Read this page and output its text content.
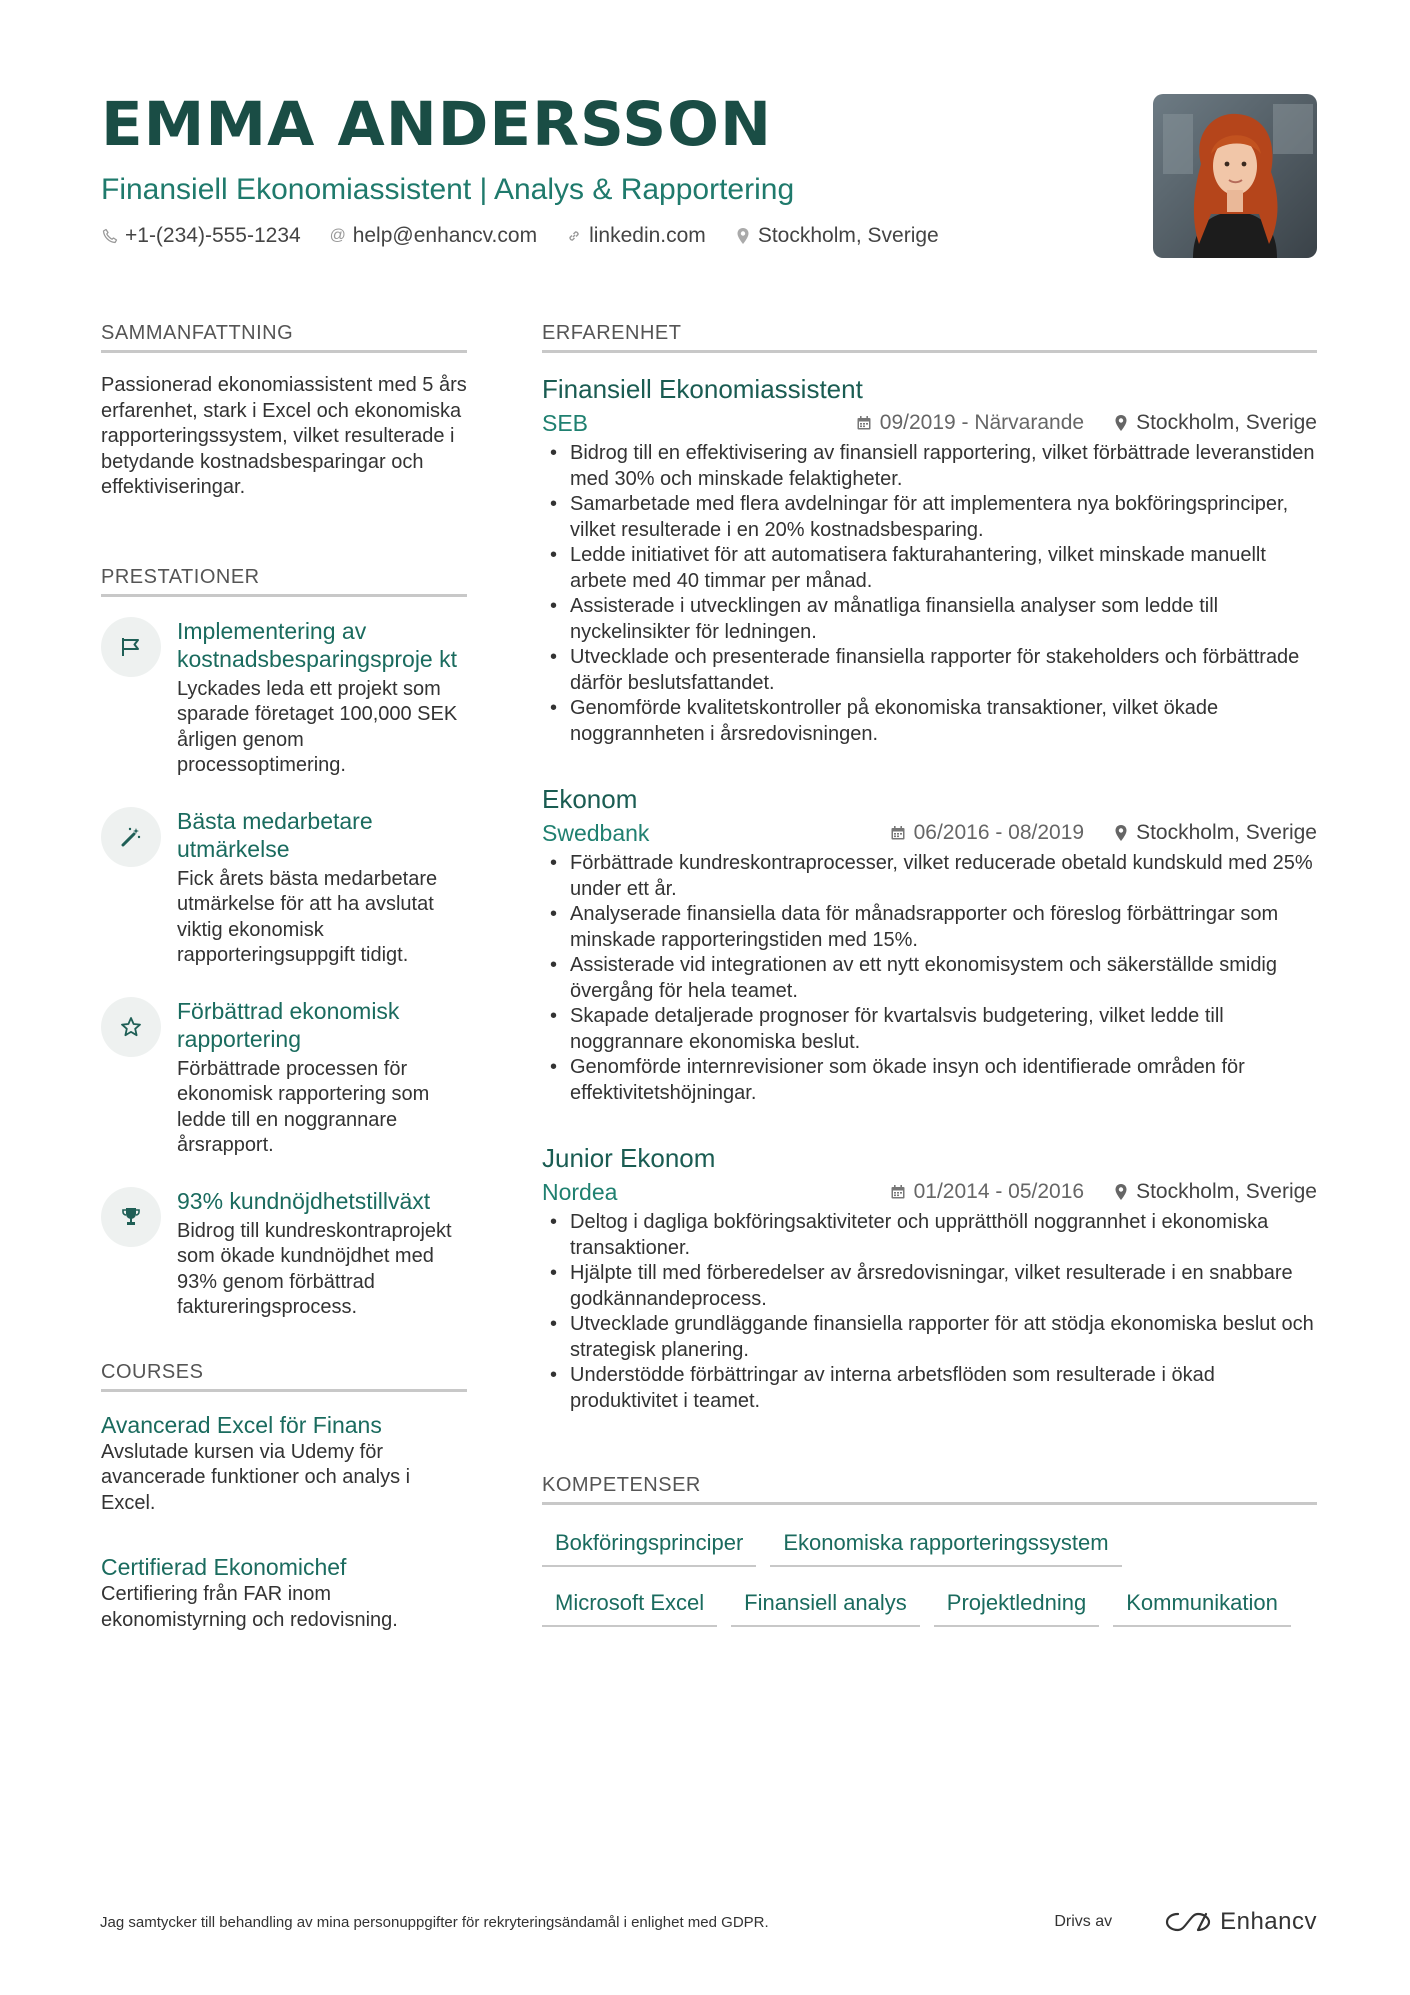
EMMA ANDERSSON
Finansiell Ekonomiassistent | Analys & Rapportering
+1-(234)-555-1234 @ help@enhancv.com linkedin.com Stockholm, Sverige
SAMMANFATTNING
Passionerad ekonomiassistent med 5 års erfarenhet, stark i Excel och ekonomiska rapporteringssystem, vilket resulterade i betydande kostnadsbesparingar och effektiviseringar.
PRESTATIONER
Implementering av kostnadsbesparingsproje kt
Lyckades leda ett projekt som sparade företaget 100,000 SEK årligen genom processoptimering.
Bästa medarbetare utmärkelse
Fick årets bästa medarbetare utmärkelse för att ha avslutat viktig ekonomisk rapporteringsuppgift tidigt.
Förbättrad ekonomisk rapportering
Förbättrade processen för ekonomisk rapportering som ledde till en noggrannare årsrapport.
93% kundnöjdhetstillväxt
Bidrog till kundreskontraprojekt som ökade kundnöjdhet med 93% genom förbättrad faktureringsprocess.
COURSES
Avancerad Excel för Finans
Avslutade kursen via Udemy för avancerade funktioner och analys i Excel.
Certifierad Ekonomichef
Certifiering från FAR inom ekonomistyrning och redovisning.
ERFARENHET
Finansiell Ekonomiassistent
SEB	09/2019 - Närvarande Stockholm, Sverige
• Bidrog till en effektivisering av finansiell rapportering, vilket förbättrade leveranstiden med 30% och minskade felaktigheter.
• Samarbetade med flera avdelningar för att implementera nya bokföringsprinciper, vilket resulterade i en 20% kostnadsbesparing.
• Ledde initiativet för att automatisera fakturahantering, vilket minskade manuellt arbete med 40 timmar per månad.
• Assisterade i utvecklingen av månatliga finansiella analyser som ledde till nyckelinsikter för ledningen.
• Utvecklade och presenterade finansiella rapporter för stakeholders och förbättrade därför beslutsfattandet.
• Genomförde kvalitetskontroller på ekonomiska transaktioner, vilket ökade noggrannheten i årsredovisningen.
Ekonom
Swedbank	06/2016 - 08/2019 Stockholm, Sverige
• Förbättrade kundreskontraprocesser, vilket reducerade obetald kundskuld med 25% under ett år.
• Analyserade finansiella data för månadsrapporter och föreslog förbättringar som minskade rapporteringstiden med 15%.
• Assisterade vid integrationen av ett nytt ekonomisystem och säkerställde smidig övergång för hela teamet.
• Skapade detaljerade prognoser för kvartalsvis budgetering, vilket ledde till noggrannare ekonomiska beslut.
• Genomförde internrevisioner som ökade insyn och identifierade områden för effektivitetshöjningar.
Junior Ekonom
Nordea	01/2014 - 05/2016 Stockholm, Sverige
• Deltog i dagliga bokföringsaktiviteter och upprätthöll noggrannhet i ekonomiska transaktioner.
• Hjälpte till med förberedelser av årsredovisningar, vilket resulterade i en snabbare godkännandeprocess.
• Utvecklade grundläggande finansiella rapporter för att stödja ekonomiska beslut och strategisk planering.
• Understödde förbättringar av interna arbetsflöden som resulterade i ökad produktivitet i teamet.
KOMPETENSER
Bokföringsprinciper	Ekonomiska rapporteringssystem
Microsoft Excel	Finansiell analys	Projektledning	Kommunikation
Jag samtycker till behandling av mina personuppgifter för rekryteringsändamål i enlighet med GDPR.	Drivs av	Enhancv
